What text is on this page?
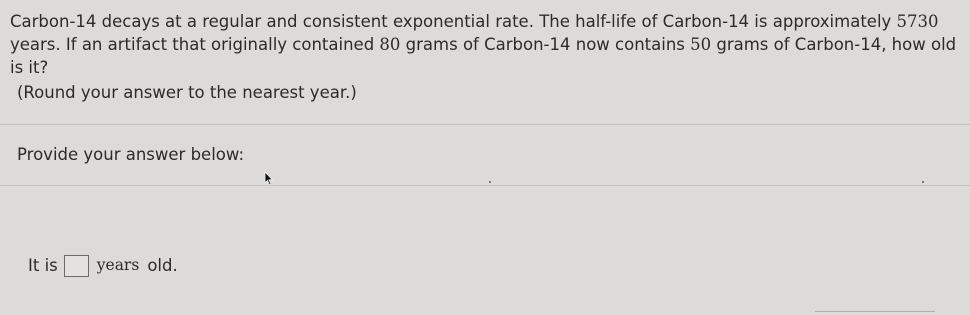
Carbon-14 decays at a regular and consistent exponential rate. The half-life of Carbon-14 is approximately 5730 years. If an artifact that originally contained 80 grams of Carbon-14 now contains 50 grams of Carbon-14, how old is it?

(Round your answer to the nearest year.)

Provide your answer below:

It is	years old.
